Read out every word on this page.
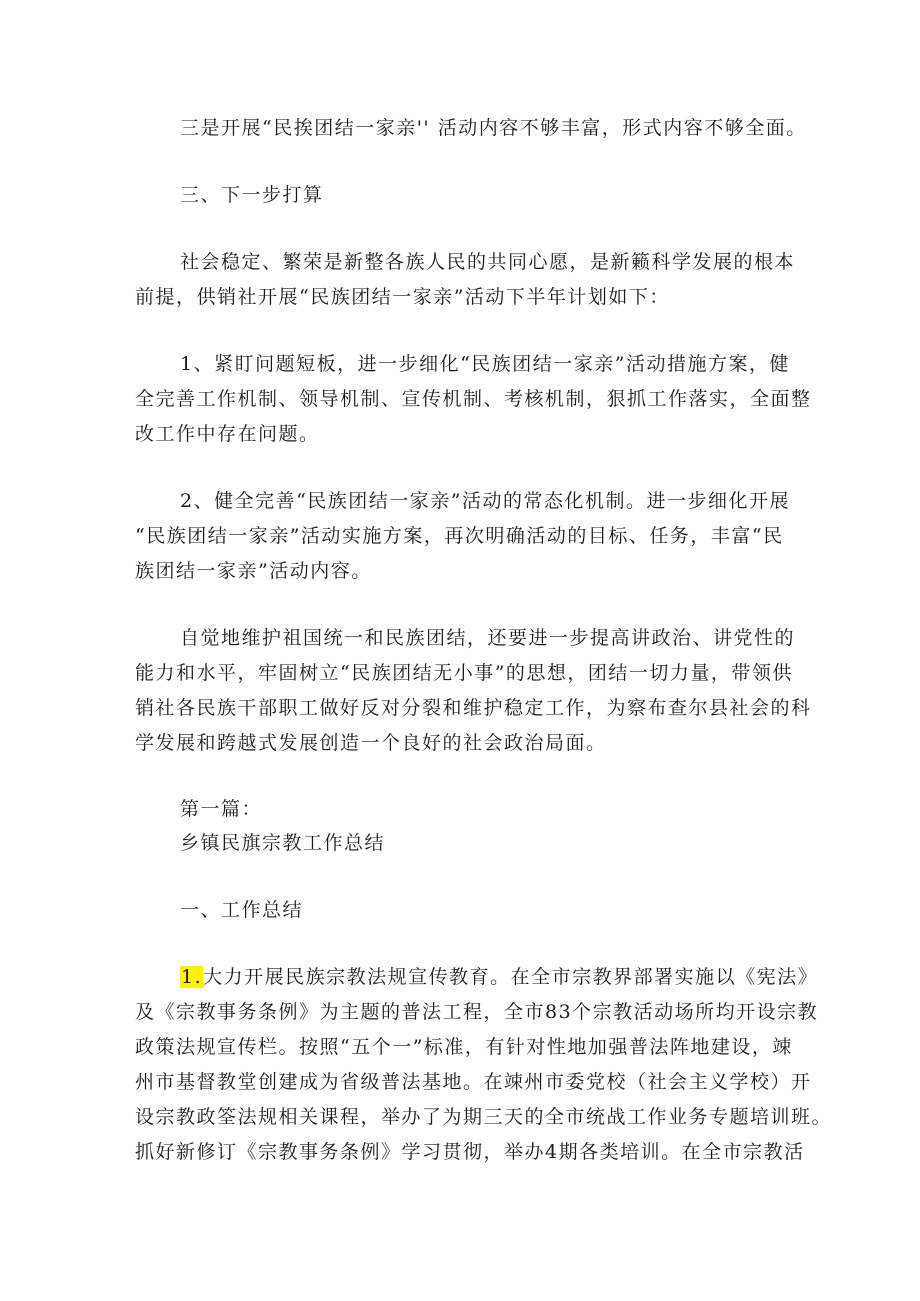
三是开展“民挨团结一家亲'' 活动内容不够丰富，形式内容不够全面。
三、下一步打算
社会稳定、繁荣是新整各族人民的共同心愿，是新籁科学发展的根本
前提，供销社开展“民族团结一家亲”活动下半年计划如下：
1、紧盯问题短板，进一步细化“民族团结一家亲”活动措施方案，健
全完善工作机制、领导机制、宣传机制、考核机制，狠抓工作落实，全面整
改工作中存在问题。
2、健全完善“民族团结一家亲”活动的常态化机制。进一步细化开展
“民族团结一家亲”活动实施方案，再次明确活动的目标、任务，丰富“民
族团结一家亲”活动内容。
自觉地维护祖国统一和民族团结，还要进一步提高讲政治、讲党性的
能力和水平，牢固树立“民族团结无小事”的思想，团结一切力量，带领供
销社各民族干部职工做好反对分裂和维护稳定工作，为察布查尔县社会的科
学发展和跨越式发展创造一个良好的社会政治局面。
第一篇：
乡镇民旗宗教工作总结
一、工作总结
1.大力开展民族宗教法规宣传教育。在全市宗教界部署实施以《宪法》
及《宗教事务条例》为主题的普法工程，全市83个宗教活动场所均开设宗教
政策法规宣传栏。按照“五个一”标准，有针对性地加强普法阵地建设，竦
州市基督教堂创建成为省级普法基地。在竦州市委党校（社会主义学校）开
设宗教政筌法规相关课程，举办了为期三天的全市统战工作业务专题培训班。
抓好新修订《宗教事务条例》学习贯彻，举办4期各类培训。在全市宗教活
